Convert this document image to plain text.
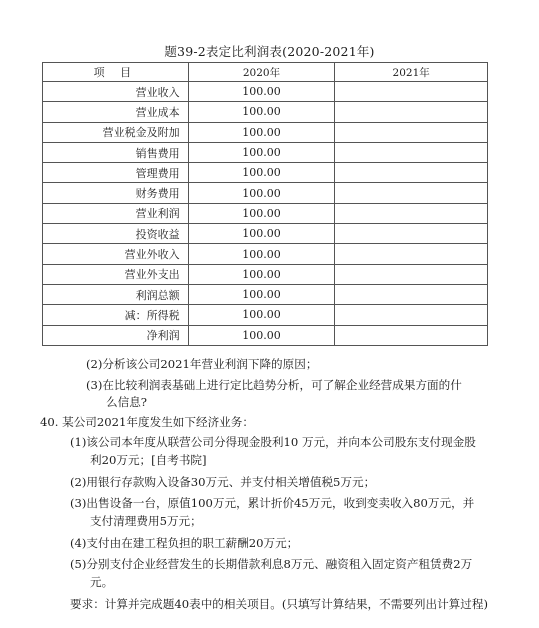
题39-2表定比利润表(2020-2021年)
项 目	2020年	2021年
营业收入	100.00	
营业成本	100.00	
营业税金及附加	100.00	
销售费用	100.00	
管理费用	100.00	
财务费用	100.00	
营业利润	100.00	
投资收益	100.00	
营业外收入	100.00	
营业外支出	100.00	
利润总额	100.00	
减：所得税	100.00	
净利润	100.00	
(2)分析该公司2021年营业利润下降的原因；
(3)在比较利润表基础上进行定比趋势分析，可了解企业经营成果方面的什
么信息?
40. 某公司2021年度发生如下经济业务：
(1)该公司本年度从联营公司分得现金股利10 万元，并向本公司股东支付现金股
利20万元；[自考书院]
(2)用银行存款购入设备30万元、并支付相关增值税5万元；
(3)出售设备一台，原值100万元，累计折价45万元，收到变卖收入80万元，并
支付清理费用5万元；
(4)支付由在建工程负担的职工薪酬20万元；
(5)分别支付企业经营发生的长期借款利息8万元、融资租入固定资产租赁费2万
元。
要求：计算并完成题40表中的相关项目。(只填写计算结果，不需要列出计算过程)
